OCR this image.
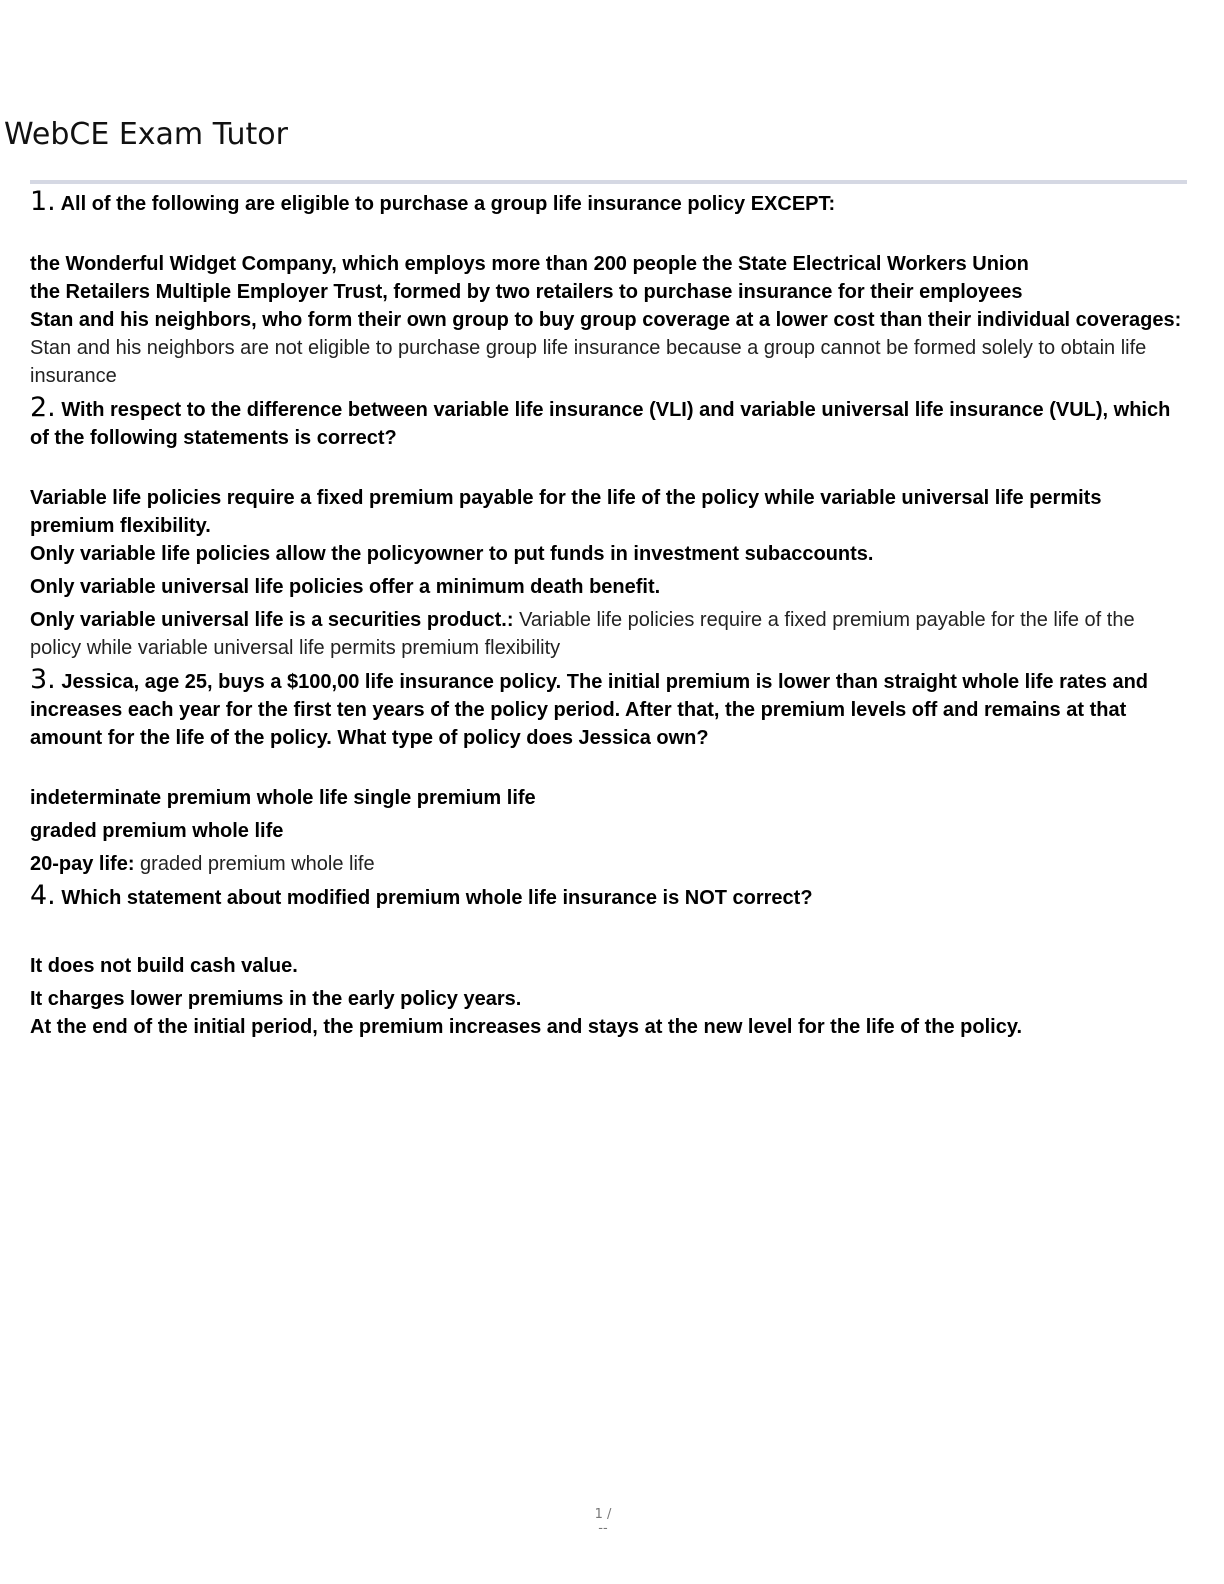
WebCE Exam Tutor

1. All of the following are eligible to purchase a group life insurance policy EXCEPT:

the Wonderful Widget Company, which employs more than 200 people the State Electrical Workers Union

the Retailers Multiple Employer Trust, formed by two retailers to purchase insurance for their employees

Stan and his neighbors, who form their own group to buy group coverage at a lower cost than their individual coverages: Stan and his neighbors are not eligible to purchase group life insurance because a group cannot be formed solely to obtain life insurance

2. With respect to the difference between variable life insurance (VLI) and variable universal life insurance (VUL), which of the following statements is correct?

Variable life policies require a fixed premium payable for the life of the policy while variable universal life permits premium flexibility.

Only variable life policies allow the policyowner to put funds in investment subaccounts.

Only variable universal life policies offer a minimum death benefit.

Only variable universal life is a securities product.: Variable life policies require a fixed premium payable for the life of the policy while variable universal life permits premium flexibility

3. Jessica, age 25, buys a $100,00 life insurance policy. The initial premium is lower than straight whole life rates and increases each year for the first ten years of the policy period. After that, the premium levels off and remains at that amount for the life of the policy. What type of policy does Jessica own?

indeterminate premium whole life single premium life

graded premium whole life

20-pay life: graded premium whole life

4. Which statement about modified premium whole life insurance is NOT correct?

It does not build cash value.

It charges lower premiums in the early policy years.

At the end of the initial period, the premium increases and stays at the new level for the life of the policy.

1 /
--
